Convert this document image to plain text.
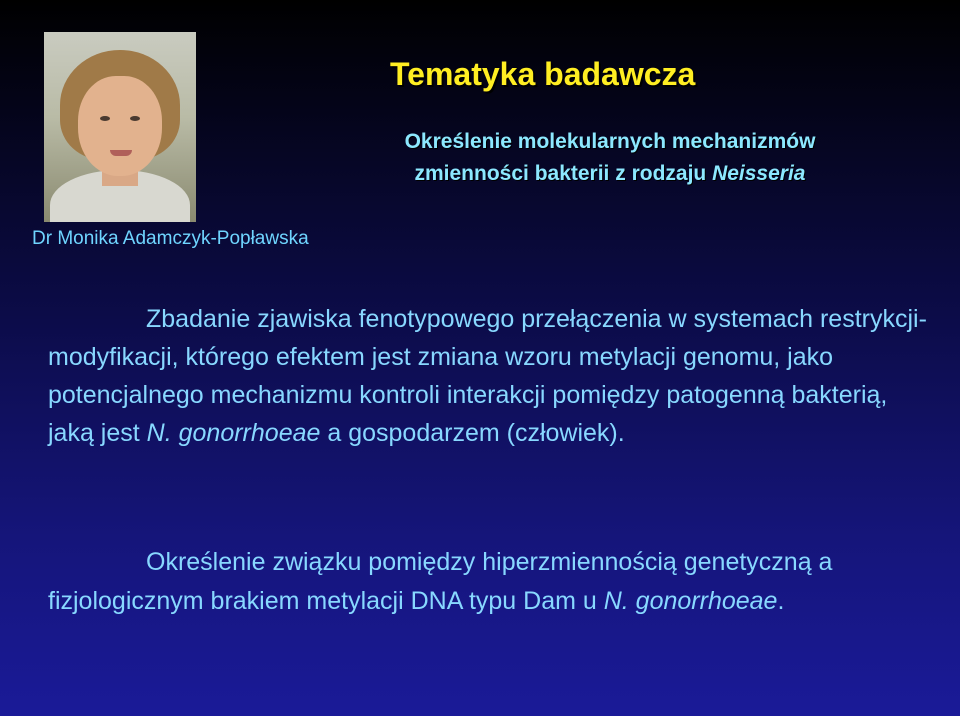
Dr Monika Adamczyk-Popławska
Tematyka badawcza
Określenie molekularnych mechanizmów
zmienności bakterii z rodzaju Neisseria
Zbadanie zjawiska fenotypowego przełączenia w systemach restrykcji-modyfikacji, którego efektem jest zmiana wzoru metylacji genomu, jako potencjalnego mechanizmu kontroli interakcji pomiędzy patogenną bakterią, jaką jest N. gonorrhoeae a gospodarzem (człowiek).
Określenie związku pomiędzy hiperzmiennością genetyczną a fizjologicznym brakiem metylacji DNA typu Dam u N. gonorrhoeae.
